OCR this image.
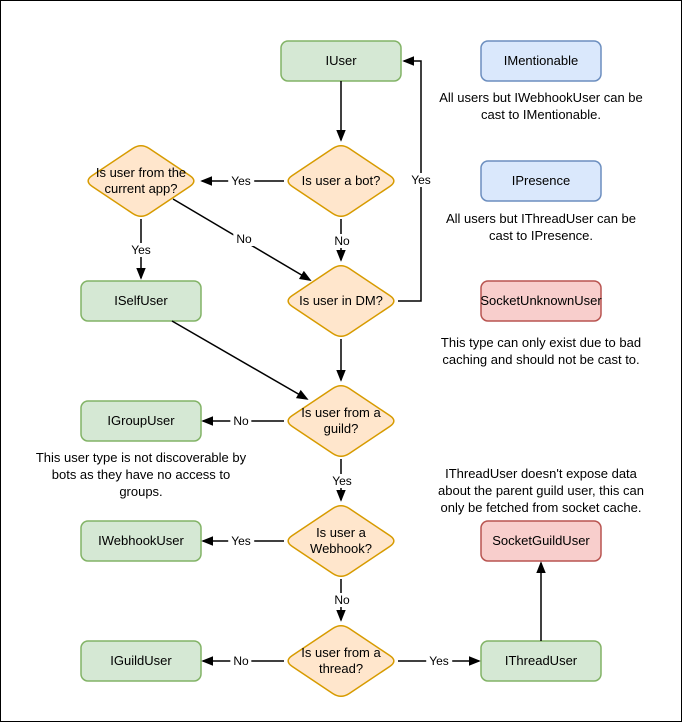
IUser	IMentionable
IPresence
ISelfUser	SocketUnknownUser
IGroupUser
IWebhookUser	SocketGuildUser
IGuildUser	IThreadUser
Is user a bot?
Is user from the
current app?
Is user in DM?
Is user from a
guild?
Is user a
Webhook?
Is user from a
thread?
Yes
No
Yes
No
Yes
No
Yes
Yes
No
No	Yes
All users but IWebhookUser can be
cast to IMentionable.
All users but IThreadUser can be
cast to IPresence.
This type can only exist due to bad
caching and should not be cast to.
This user type is not discoverable by
bots as they have no access to
groups.
IThreadUser doesn't expose data
about the parent guild user, this can
only be fetched from socket cache.
